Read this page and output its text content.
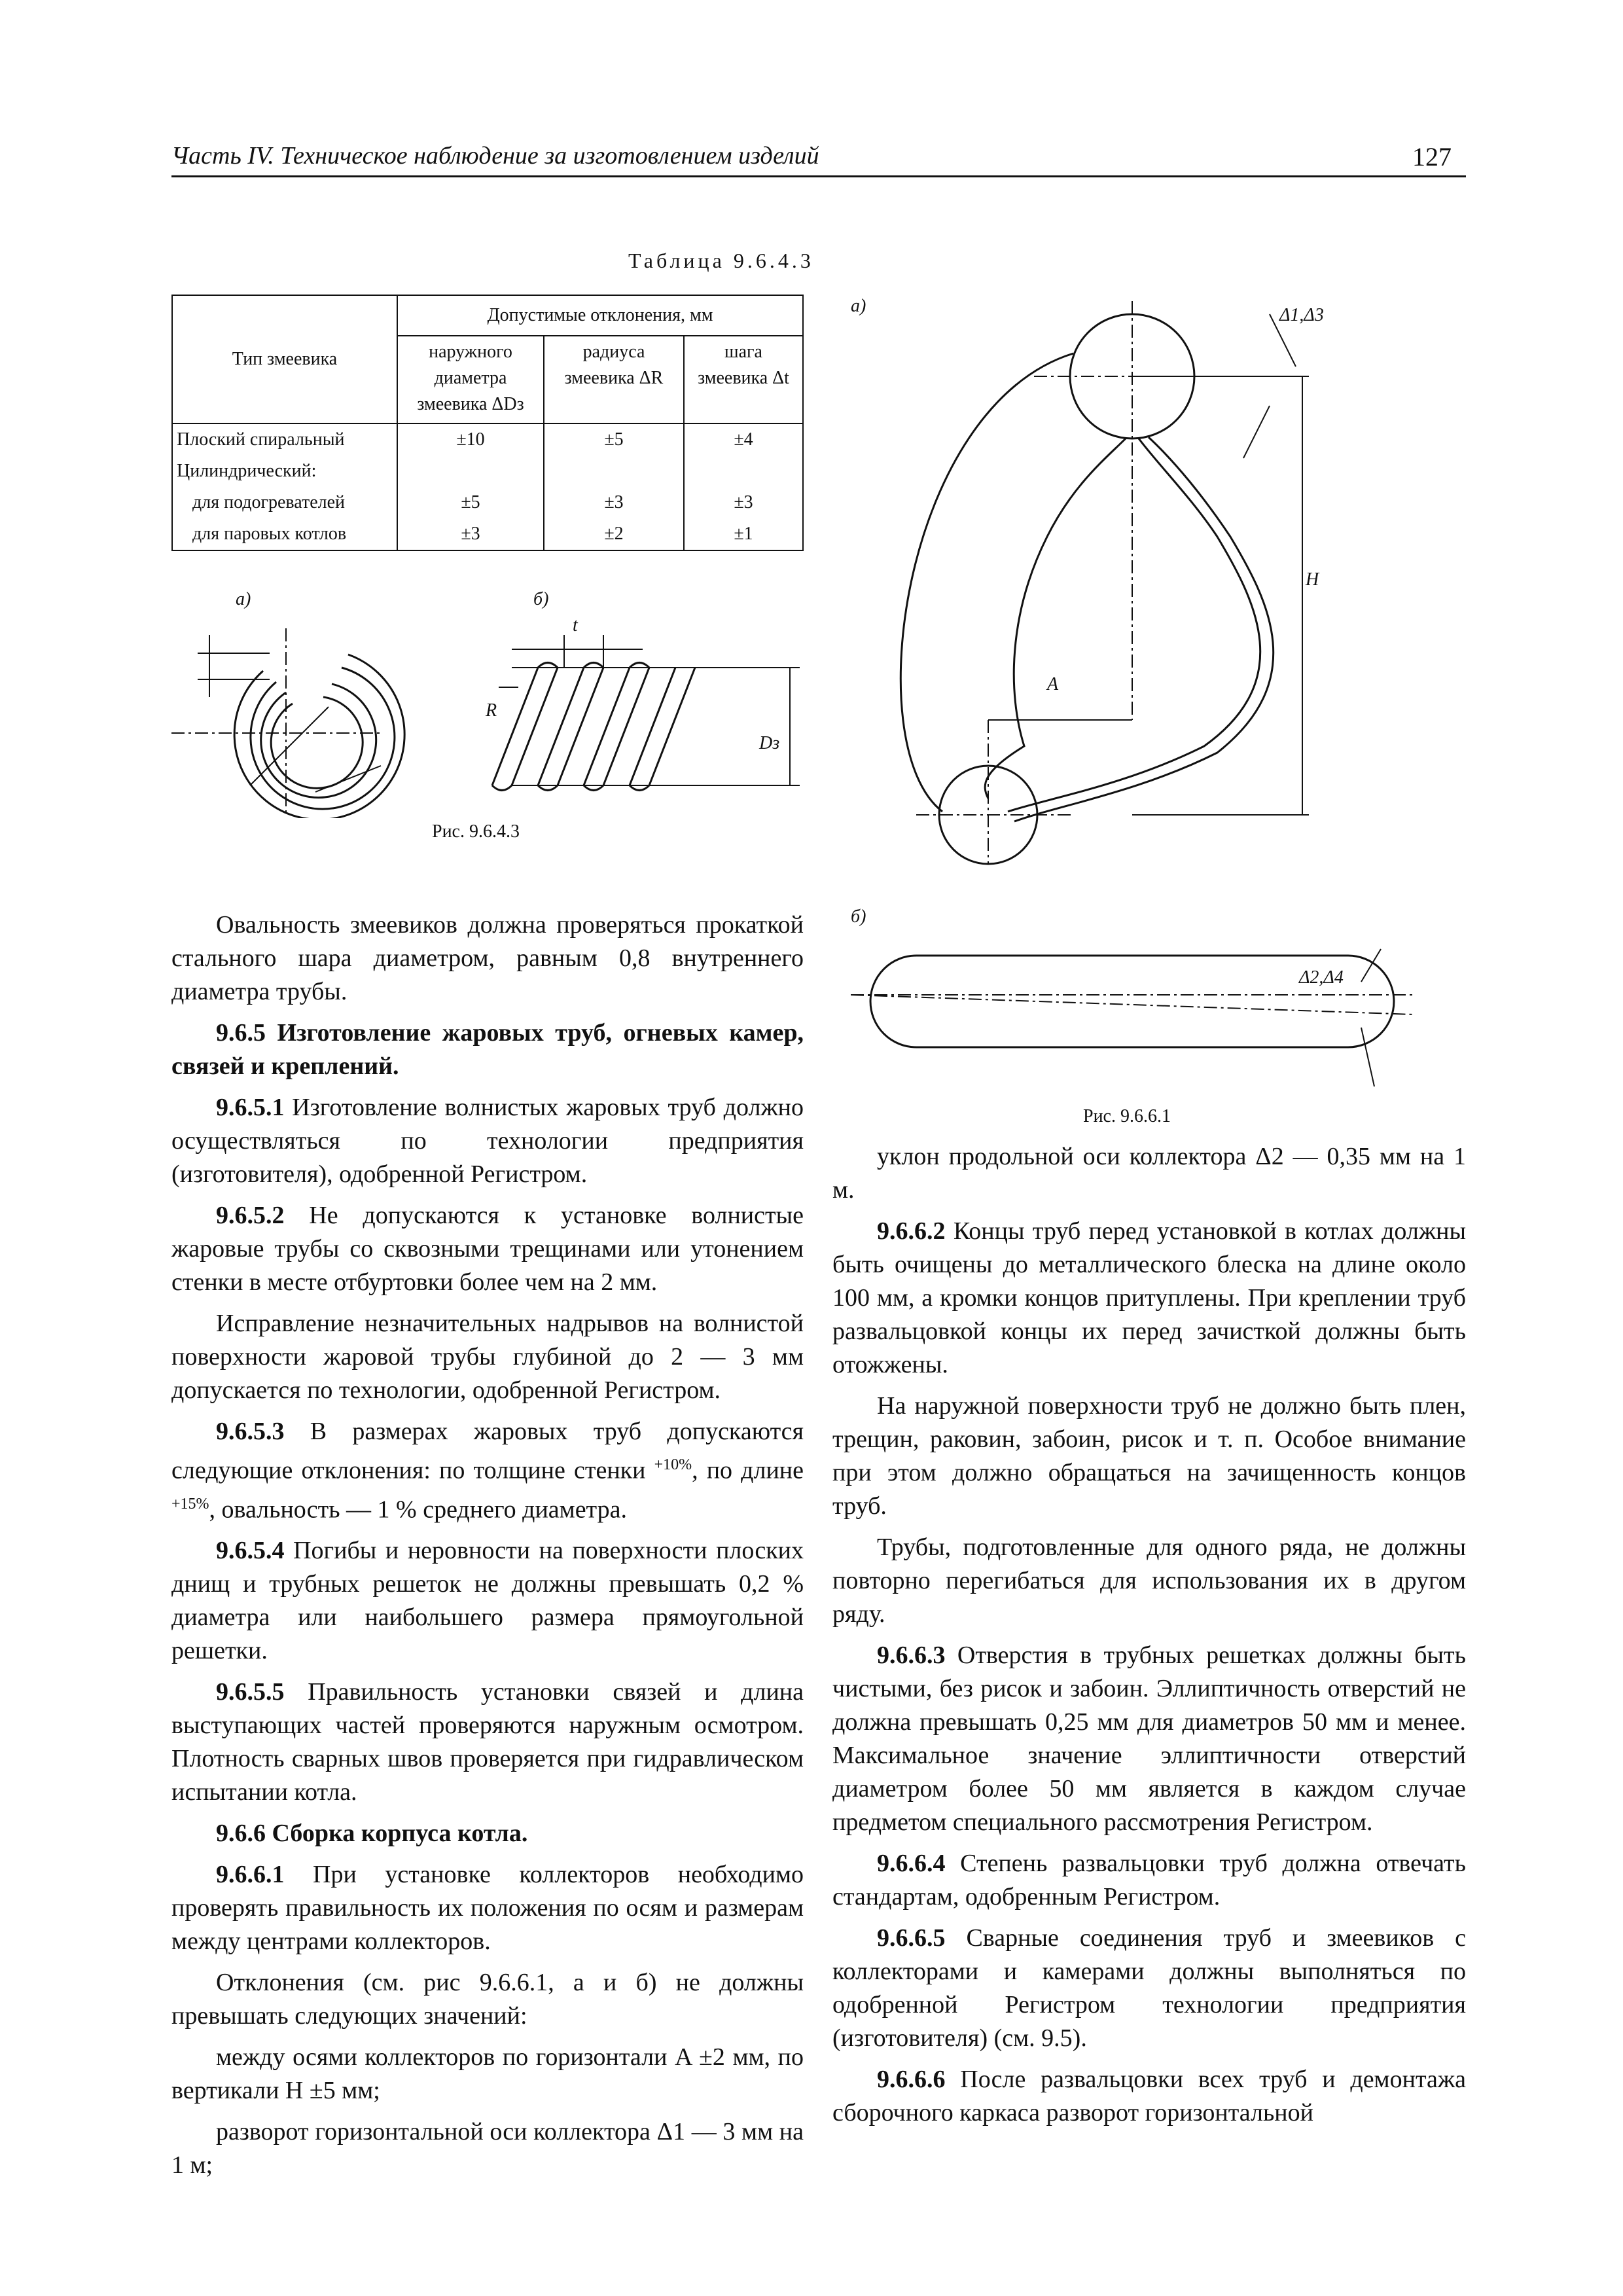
Часть IV. Техническое наблюдение за изготовлением изделий	127
Таблица 9.6.4.3
Тип змеевика	Допустимые отклонения, мм		
	наружного диаметра змеевика ΔDз	радиуса змеевика ΔR	шага змеевика Δt
Плоский спиральный	±10	±5	±4
Цилиндрический:			
для подогревателей	±5	±3	±3
для паровых котлов	±3	±2	±1
а)	б)
t
R
Dз
Рис. 9.6.4.3
а)	Δ1,Δ3
H
A
б)
Δ2,Δ4
Рис. 9.6.6.1

Овальность змеевиков должна проверяться прокаткой стального шара диаметром, равным 0,8 внутреннего диаметра трубы.

9.6.5 Изготовление жаровых труб, огневых камер, связей и креплений.

9.6.5.1 Изготовление волнистых жаровых труб должно осуществляться по технологии предприятия (изготовителя), одобренной Регистром.

9.6.5.2 Не допускаются к установке волнистые жаровые трубы со сквозными трещинами или утонением стенки в месте отбуртовки более чем на 2 мм.

Исправление незначительных надрывов на волнистой поверхности жаровой трубы глубиной до 2 — 3 мм допускается по технологии, одобренной Регистром.

9.6.5.3 В размерах жаровых труб допускаются следующие отклонения: по толщине стенки $^{+10\%}$, по длине $^{+15\%}$, овальность — 1 % среднего диаметра.

9.6.5.4 Погибы и неровности на поверхности плоских днищ и трубных решеток не должны превышать 0,2 % диаметра или наибольшего размера прямоугольной решетки.

9.6.5.5 Правильность установки связей и длина выступающих частей проверяются наружным осмотром. Плотность сварных швов проверяется при гидравлическом испытании котла.

9.6.6 Сборка корпуса котла.

9.6.6.1 При установке коллекторов необходимо проверять правильность их положения по осям и размерам между центрами коллекторов.

Отклонения (см. рис 9.6.6.1, а и б) не должны превышать следующих значений:

между осями коллекторов по горизонтали A ±2 мм, по вертикали H ±5 мм;

разворот горизонтальной оси коллектора Δ1 — 3 мм на 1 м;

уклон продольной оси коллектора Δ2 — 0,35 мм на 1 м.

9.6.6.2 Концы труб перед установкой в котлах должны быть очищены до металлического блеска на длине около 100 мм, а кромки концов притуплены. При креплении труб развальцовкой концы их перед зачисткой должны быть отожжены.

На наружной поверхности труб не должно быть плен, трещин, раковин, забоин, рисок и т. п. Особое внимание при этом должно обращаться на зачищенность концов труб.

Трубы, подготовленные для одного ряда, не должны повторно перегибаться для использования их в другом ряду.

9.6.6.3 Отверстия в трубных решетках должны быть чистыми, без рисок и забоин. Эллиптичность отверстий не должна превышать 0,25 мм для диаметров 50 мм и менее. Максимальное значение эллиптичности отверстий диаметром более 50 мм является в каждом случае предметом специального рассмотрения Регистром.

9.6.6.4 Степень развальцовки труб должна отвечать стандартам, одобренным Регистром.

9.6.6.5 Сварные соединения труб и змеевиков с коллекторами и камерами должны выполняться по одобренной Регистром технологии предприятия (изготовителя) (см. 9.5).

9.6.6.6 После развальцовки всех труб и демонтажа сборочного каркаса разворот горизонтальной
